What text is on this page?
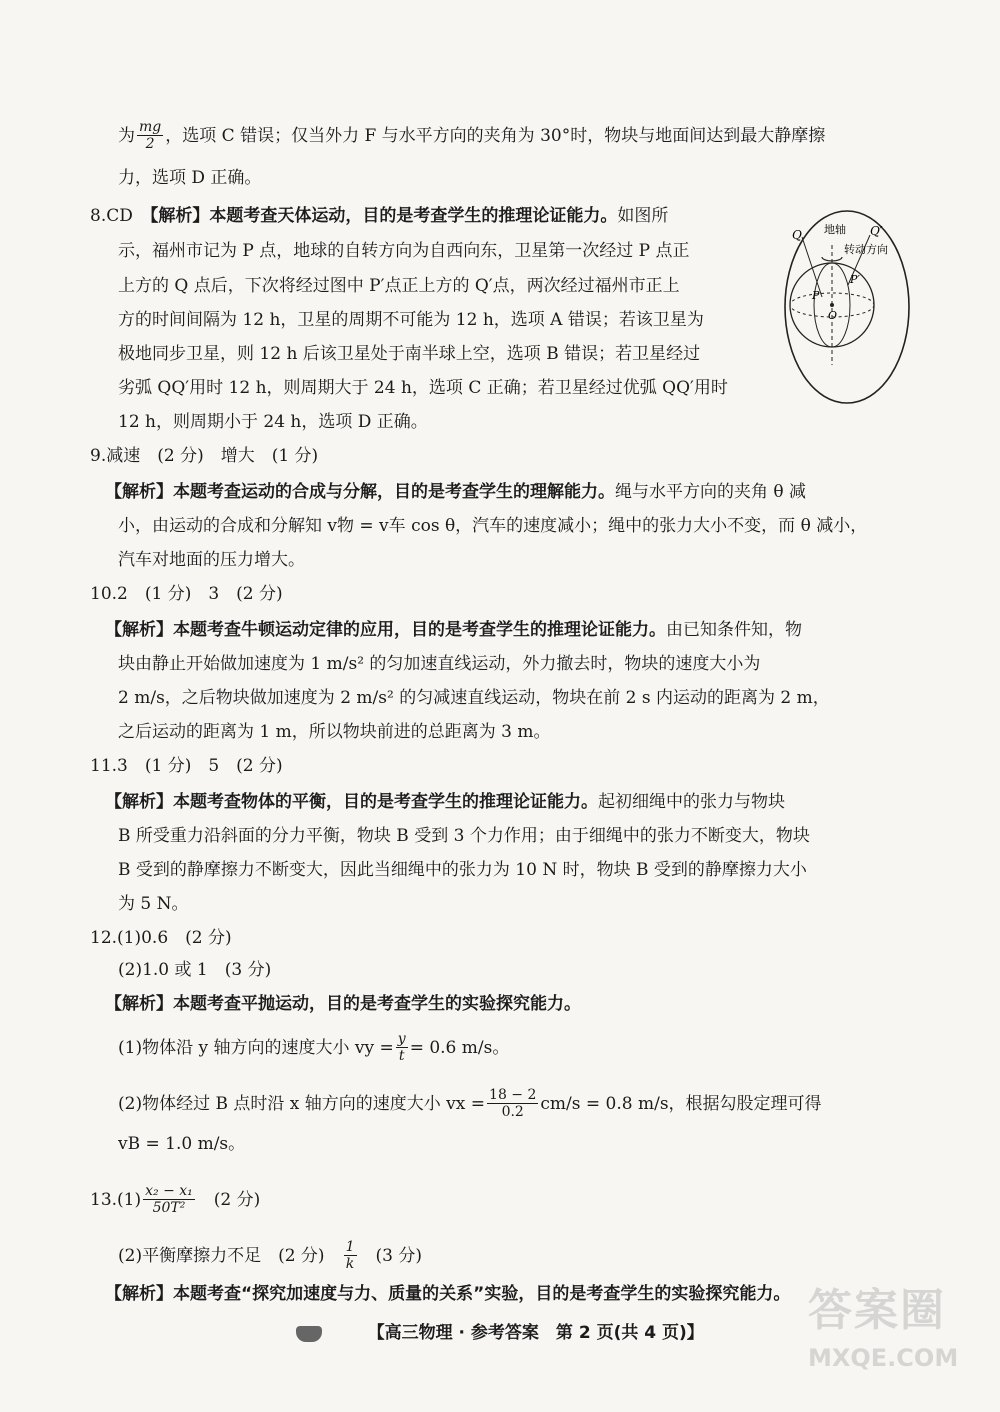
为 $\frac{mg}{2}$ ，选项 C 错误；仅当外力 F 与水平方向的夹角为 30°时，物块与地面间达到最大静摩擦
力，选项 D 正确。
8.CD　 【解析】本题考查天体运动，目的是考查学生的推理论证能力。如图所
示，福州市记为 P 点，地球的自转方向为自西向东，卫星第一次经过 P 点正
上方的 Q 点后，下次将经过图中 P′点正上方的 Q′点，两次经过福州市正上
方的时间间隔为 12 h，卫星的周期不可能为 12 h，选项 A 错误；若该卫星为
极地同步卫星，则 12 h 后该卫星处于南半球上空，选项 B 错误；若卫星经过
劣弧 QQ′用时 12 h，则周期大于 24 h，选项 C 正确；若卫星经过优弧 QQ′用时
12 h，则周期小于 24 h，选项 D 正确。
地轴
转动方向
Q	Q′
P
P′
O
9.减速　(2 分)　增大　(1 分)
【解析】本题考查运动的合成与分解，目的是考查学生的理解能力。绳与水平方向的夹角 θ 减
小，由运动的合成和分解知 v物 = v车 cos θ，汽车的速度减小；绳中的张力大小不变，而 θ 减小，
汽车对地面的压力增大。
10.2　(1 分)　3　(2 分)
【解析】本题考查牛顿运动定律的应用，目的是考查学生的推理论证能力。由已知条件知，物
块由静止开始做加速度为 1 m/s² 的匀加速直线运动，外力撤去时，物块的速度大小为
2 m/s，之后物块做加速度为 2 m/s² 的匀减速直线运动，物块在前 2 s 内运动的距离为 2 m，
之后运动的距离为 1 m，所以物块前进的总距离为 3 m。
11.3　(1 分)　5　(2 分)
【解析】本题考查物体的平衡，目的是考查学生的推理论证能力。起初细绳中的张力与物块
B 所受重力沿斜面的分力平衡，物块 B 受到 3 个力作用；由于细绳中的张力不断变大，物块
B 受到的静摩擦力不断变大，因此当细绳中的张力为 10 N 时，物块 B 受到的静摩擦力大小
为 5 N。
12.(1)0.6　(2 分)
(2)1.0 或 1　(3 分)
【解析】本题考查平抛运动，目的是考查学生的实验探究能力。
(1)物体沿 y 轴方向的速度大小 vy = $\frac{y}{t} = 0.6$ m/s。
(2)物体经过 B 点时沿 x 轴方向的速度大小 vx = $\frac{18 - 2}{0.2} cm/s = 0.8$ m/s，根据勾股定理可得
vB = 1.0 m/s。
$13.(1) \frac{\text{x₂ − x₁}}{\text{50T²}}$ 　(2 分)
(2)平衡摩擦力不足　(2 分)　 $\frac{1}{k}$ 　(3 分)
【解析】本题考查“探究加速度与力、质量的关系”实验，目的是考查学生的实验探究能力。
【高三物理 · 参考答案　第 2 页(共 4 页)】	答案圈
MXQE.COM
